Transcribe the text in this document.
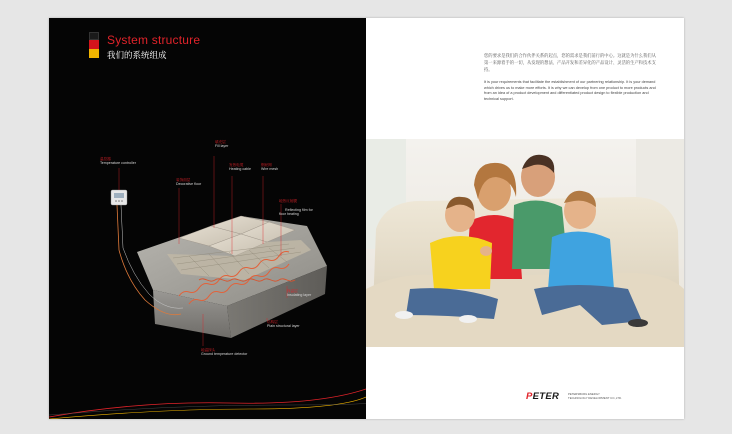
System structure
我们的系统组成
温控器
Temperature controller
装饰面层
Decorative floor
填充层
Fill layer
发热电缆
Heating cable
钢丝网
Wire mesh

地热反射膜

Reflecting film for
floor heating

保温层
Insulating layer
结构层
Plain structural layer
地温探头
Ground temperature detector
您的要求是我们的合作伙伴关系的起点，您的需求是我们前行的中心。这就是为什么我们从第一来源着手的一切，从发现的想法、产品开发和差异化的产品设计、灵活的生产和技术支持。
It is your requirements that facilitate the establishment of our partnering relationship. It is your demand which drives us to make more efforts. It is why we can develop from one product to more products and from an idea of a product development and differentiated product design to flexible production and technical support.
PETER	PETERSBURG ENERGY
TECHNOLOGY DEVELOPMENT CO.,LTD.
